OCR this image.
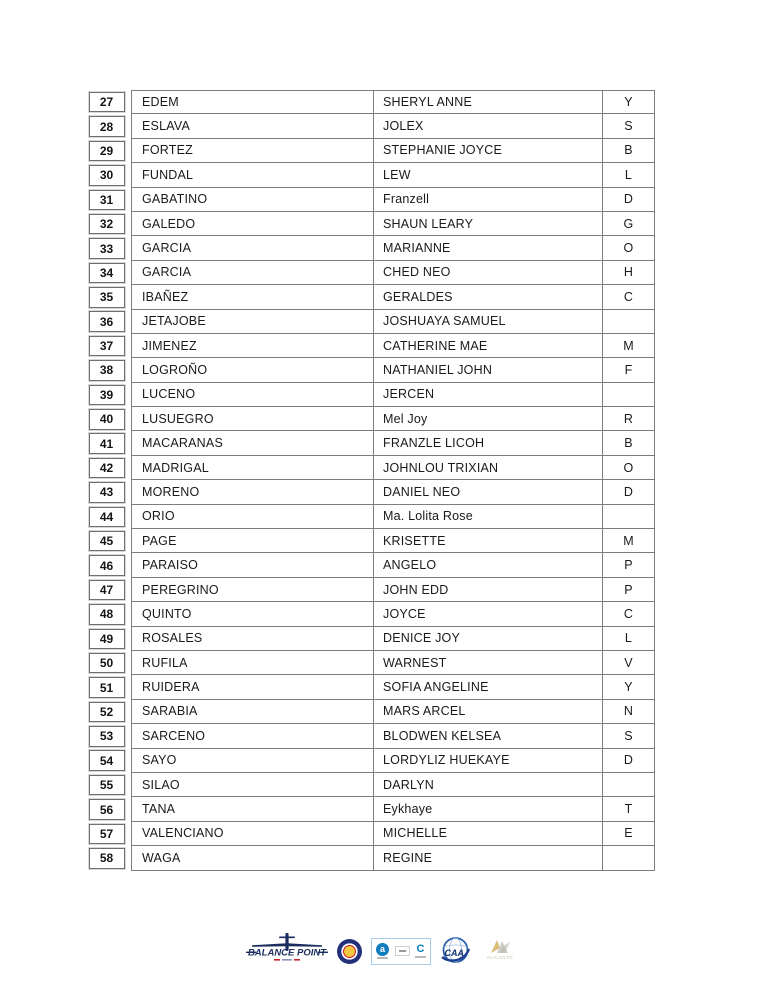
27	EDEM	SHERYL ANNE	Y
28	ESLAVA	JOLEX	S
29	FORTEZ	STEPHANIE JOYCE	B
30	FUNDAL	LEW	L
31	GABATINO	Franzell	D
32	GALEDO	SHAUN LEARY	G
33	GARCIA	MARIANNE	O
34	GARCIA	CHED NEO	H
35	IBAÑEZ	GERALDES	C
36	JETAJOBE	JOSHUAYA SAMUEL
37	JIMENEZ	CATHERINE MAE	M
38	LOGROÑO	NATHANIEL JOHN	F
39	LUCENO	JERCEN
40	LUSUEGRO	Mel Joy	R
41	MACARANAS	FRANZLE LICOH	B
42	MADRIGAL	JOHNLOU TRIXIAN	O
43	MORENO	DANIEL NEO	D
44	ORIO	Ma. Lolita Rose
45	PAGE	KRISETTE	M
46	PARAISO	ANGELO	P
47	PEREGRINO	JOHN EDD	P
48	QUINTO	JOYCE	C
49	ROSALES	DENICE JOY	L
50	RUFILA	WARNEST	V
51	RUIDERA	SOFIA ANGELINE	Y
52	SARABIA	MARS ARCEL	N
53	SARCENO	BLODWEN KELSEA	S
54	SAYO	LORDYLIZ HUEKAYE	D
55	SILAO	DARLYN
56	TANA	Eykhaye	T
57	VALENCIANO	MICHELLE	E
58	WAGA	REGINE
BALANCE POINT	a	C CAA	ALICANTO
